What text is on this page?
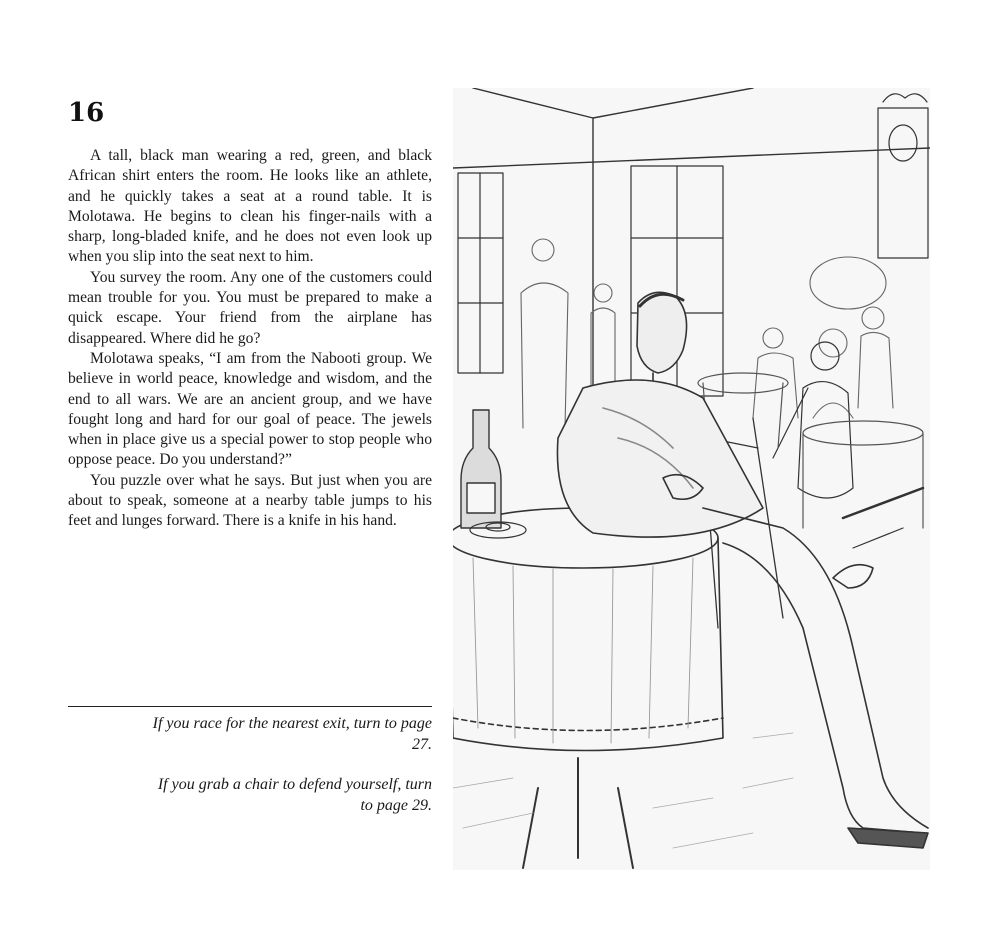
16

A tall, black man wearing a red, green, and black African shirt enters the room. He looks like an athlete, and he quickly takes a seat at a round table. It is Molotawa. He begins to clean his finger-nails with a sharp, long-bladed knife, and he does not even look up when you slip into the seat next to him.

You survey the room. Any one of the customers could mean trouble for you. You must be prepared to make a quick escape. Your friend from the airplane has disappeared. Where did he go?

Molotawa speaks, “I am from the Nabooti group. We believe in world peace, knowledge and wisdom, and the end to all wars. We are an ancient group, and we have fought long and hard for our goal of peace. The jewels when in place give us a special power to stop people who oppose peace. Do you understand?”

You puzzle over what he says. But just when you are about to speak, someone at a nearby table jumps to his feet and lunges forward. There is a knife in his hand.

If you race for the nearest exit, turn to page 27.
If you grab a chair to defend yourself, turn to page 29.
